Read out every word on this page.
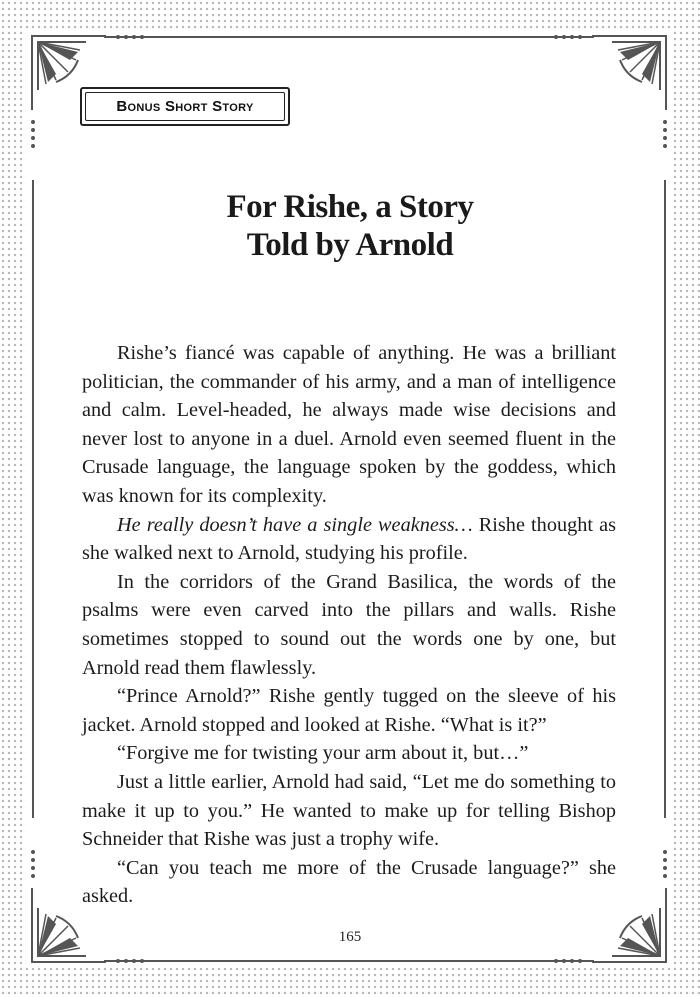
Bonus Short Story
For Rishe, a Story
Told by Arnold

Rishe’s fiancé was capable of anything. He was a brilliant politician, the commander of his army, and a man of intelligence and calm. Level-headed, he always made wise decisions and never lost to anyone in a duel. Arnold even seemed fluent in the Crusade language, the language spoken by the goddess, which was known for its complexity.

He really doesn’t have a single weakness… Rishe thought as she walked next to Arnold, studying his profile.

In the corridors of the Grand Basilica, the words of the psalms were even carved into the pillars and walls. Rishe sometimes stopped to sound out the words one by one, but Arnold read them flawlessly.

“Prince Arnold?” Rishe gently tugged on the sleeve of his jacket. Arnold stopped and looked at Rishe. “What is it?”

“Forgive me for twisting your arm about it, but…”

Just a little earlier, Arnold had said, “Let me do something to make it up to you.” He wanted to make up for telling Bishop Schneider that Rishe was just a trophy wife.

“Can you teach me more of the Crusade language?” she asked.

165
